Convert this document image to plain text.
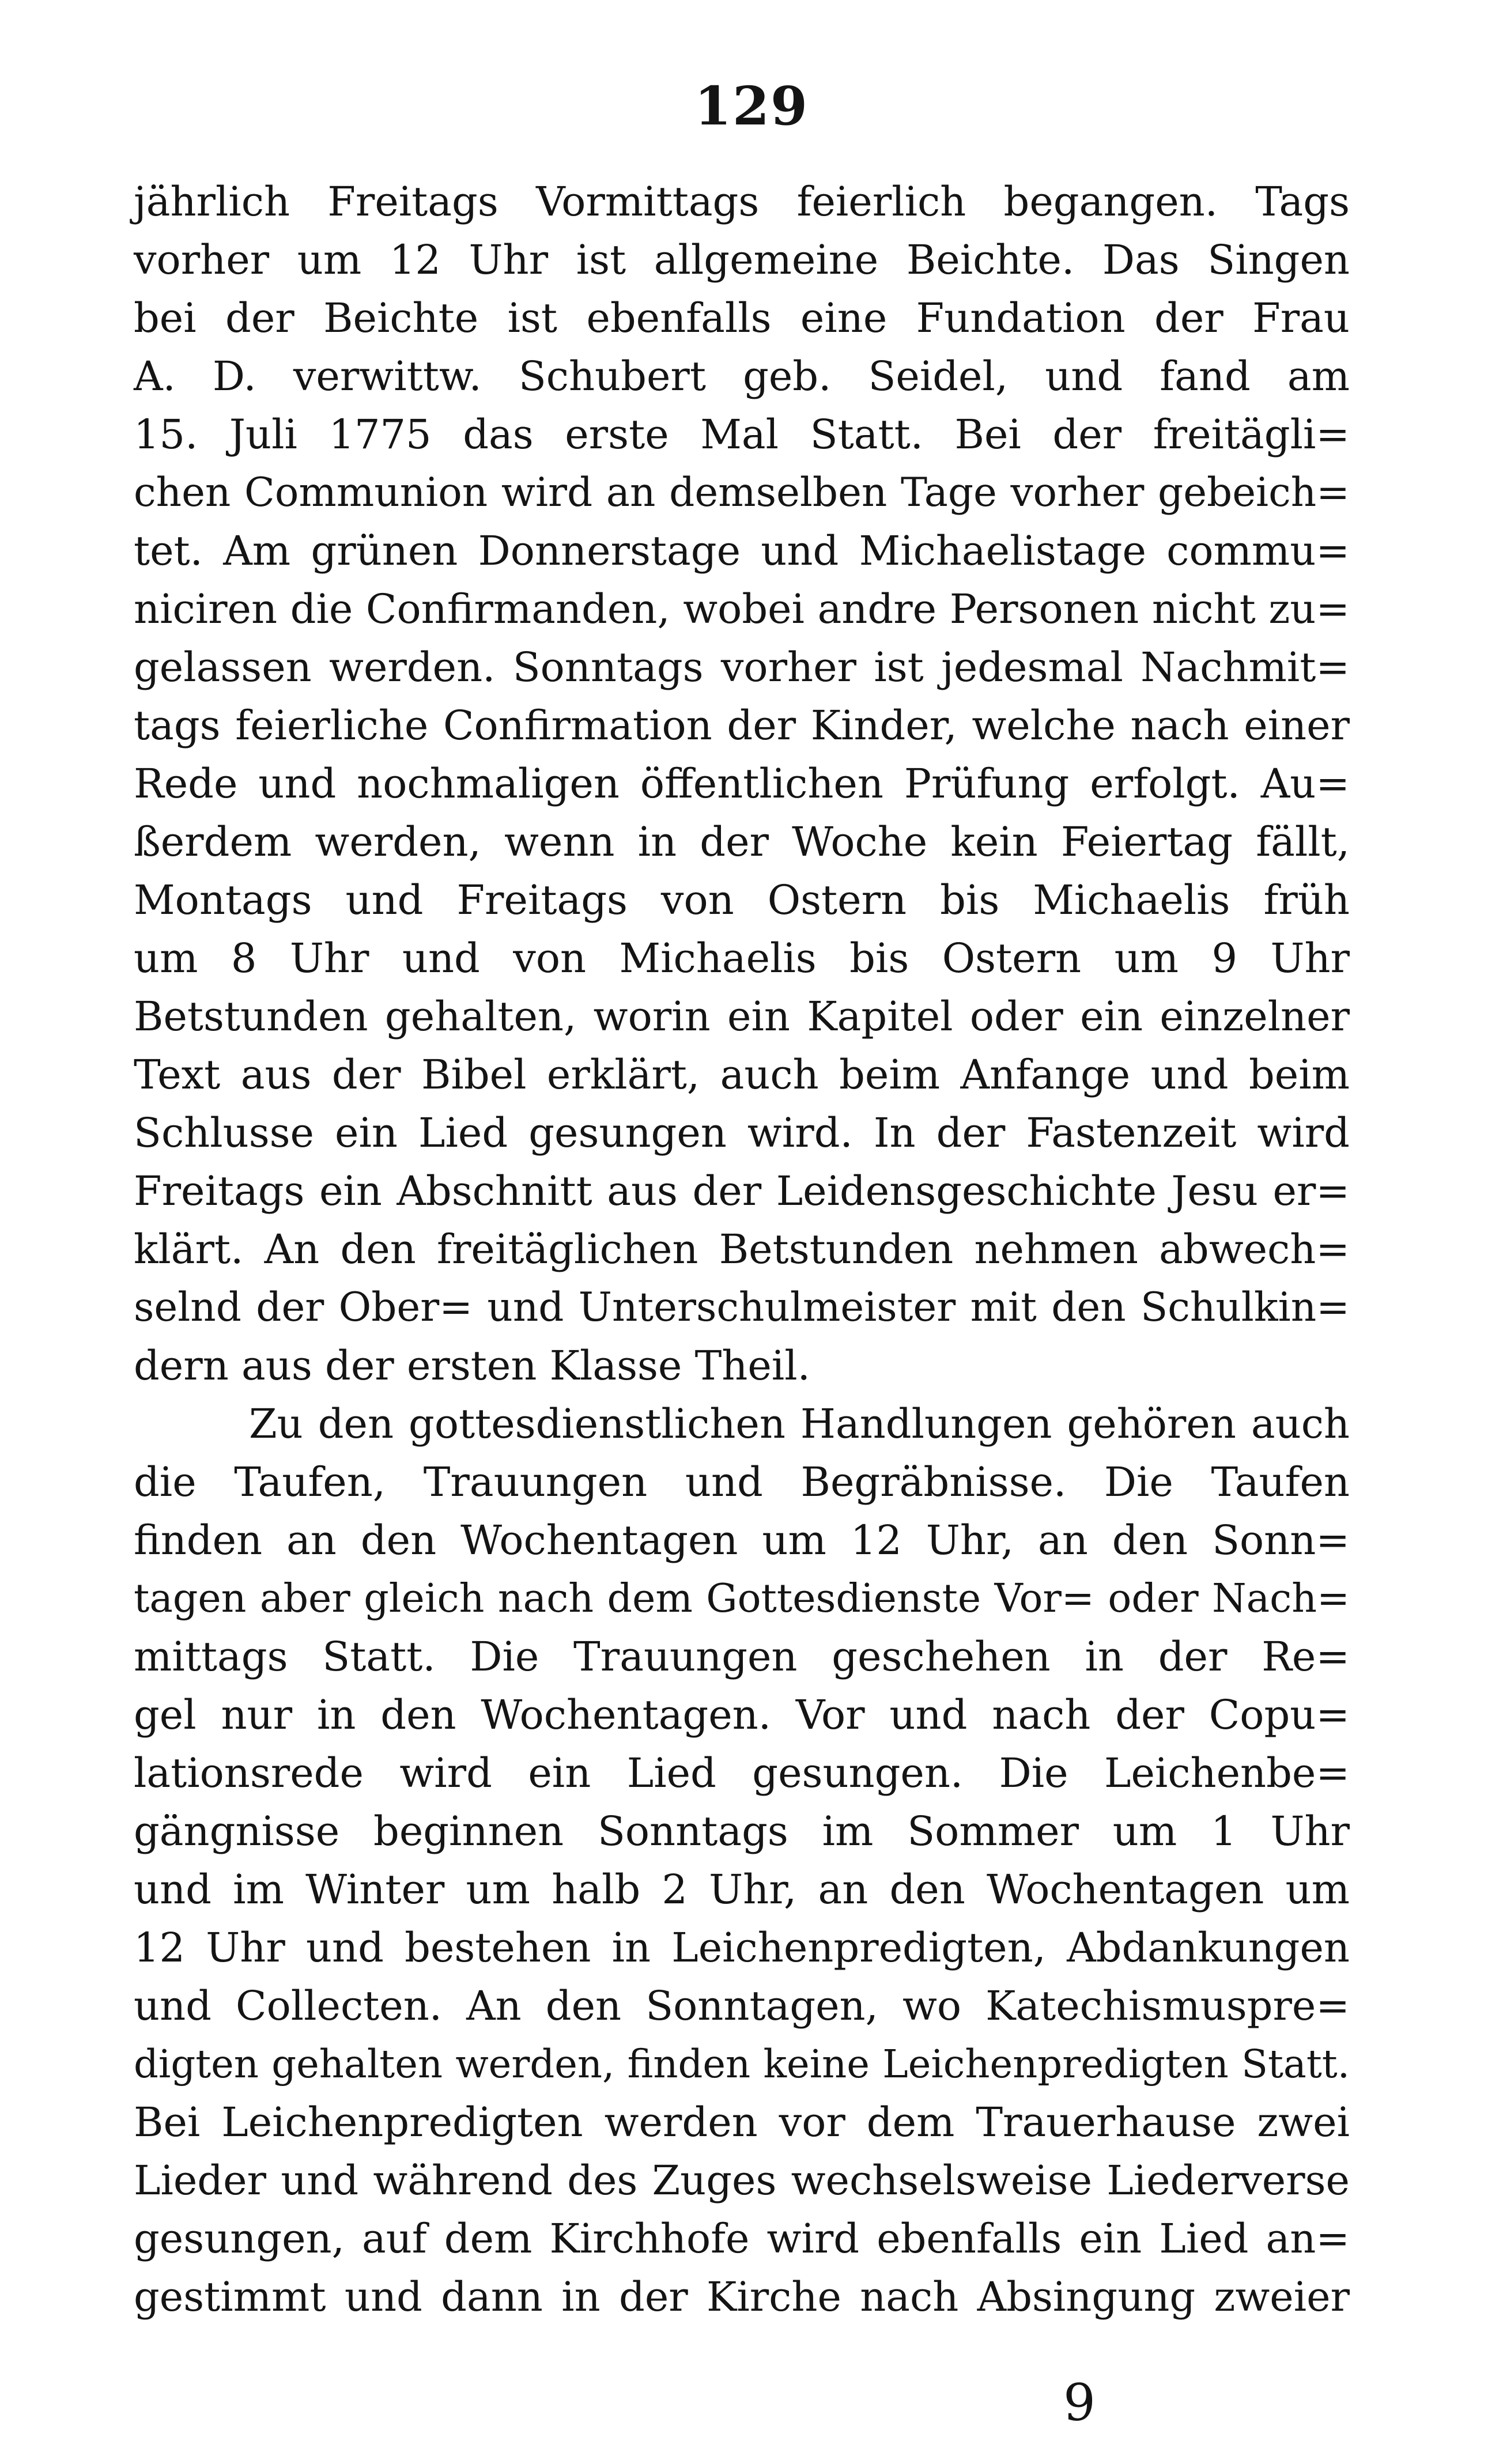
129
jährlich Freitags Vormittags feierlich begangen. Tags
vorher um 12 Uhr ist allgemeine Beichte. Das Singen
bei der Beichte ist ebenfalls eine Fundation der Frau
A. D. verwittw. Schubert geb. Seidel, und fand am
15. Juli 1775 das erste Mal Statt. Bei der freitägli=
chen Communion wird an demselben Tage vorher gebeich=
tet. Am grünen Donnerstage und Michaelistage commu=
niciren die Confirmanden, wobei andre Personen nicht zu=
gelassen werden. Sonntags vorher ist jedesmal Nachmit=
tags feierliche Confirmation der Kinder, welche nach einer
Rede und nochmaligen öffentlichen Prüfung erfolgt. Au=
ßerdem werden, wenn in der Woche kein Feiertag fällt,
Montags und Freitags von Ostern bis Michaelis früh
um 8 Uhr und von Michaelis bis Ostern um 9 Uhr
Betstunden gehalten, worin ein Kapitel oder ein einzelner
Text aus der Bibel erklärt, auch beim Anfange und beim
Schlusse ein Lied gesungen wird. In der Fastenzeit wird
Freitags ein Abschnitt aus der Leidensgeschichte Jesu er=
klärt. An den freitäglichen Betstunden nehmen abwech=
selnd der Ober= und Unterschulmeister mit den Schulkin=
dern aus der ersten Klasse Theil.
Zu den gottesdienstlichen Handlungen gehören auch
die Taufen, Trauungen und Begräbnisse. Die Taufen
finden an den Wochentagen um 12 Uhr, an den Sonn=
tagen aber gleich nach dem Gottesdienste Vor= oder Nach=
mittags Statt. Die Trauungen geschehen in der Re=
gel nur in den Wochentagen. Vor und nach der Copu=
lationsrede wird ein Lied gesungen. Die Leichenbe=
gängnisse beginnen Sonntags im Sommer um 1 Uhr
und im Winter um halb 2 Uhr, an den Wochentagen um
12 Uhr und bestehen in Leichenpredigten, Abdankungen
und Collecten. An den Sonntagen, wo Katechismuspre=
digten gehalten werden, finden keine Leichenpredigten Statt.
Bei Leichenpredigten werden vor dem Trauerhause zwei
Lieder und während des Zuges wechselsweise Liederverse
gesungen, auf dem Kirchhofe wird ebenfalls ein Lied an=
gestimmt und dann in der Kirche nach Absingung zweier
9
